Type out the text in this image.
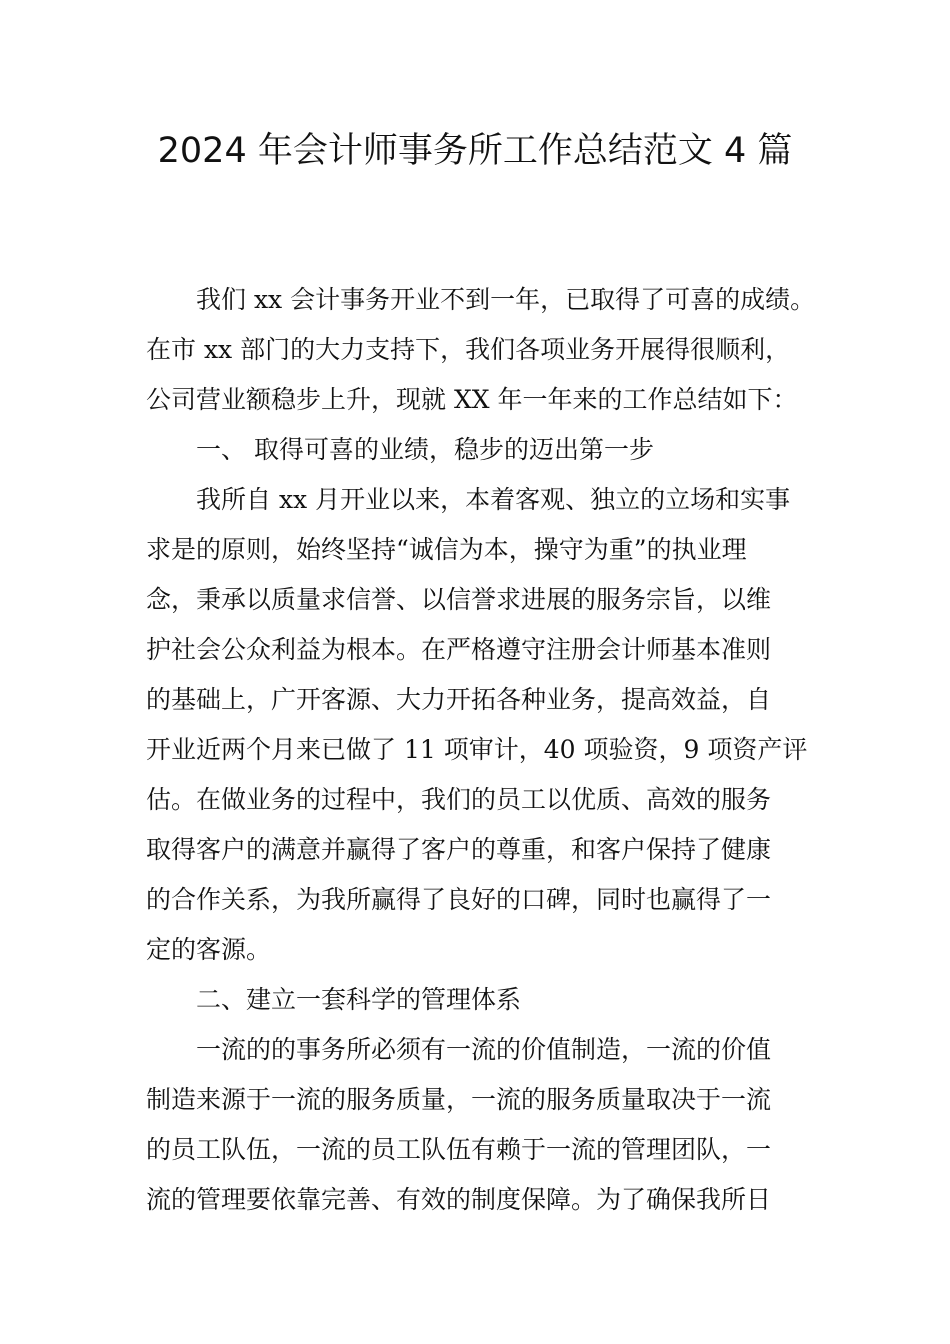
2024 年会计师事务所工作总结范文 4 篇

我们 xx 会计事务开业不到一年，已取得了可喜的成绩。

在市 xx 部门的大力支持下，我们各项业务开展得很顺利，

公司营业额稳步上升，现就 XX 年一年来的工作总结如下：

一、 取得可喜的业绩，稳步的迈出第一步

我所自 xx 月开业以来，本着客观、独立的立场和实事

求是的原则，始终坚持“诚信为本，操守为重”的执业理

念，秉承以质量求信誉、以信誉求进展的服务宗旨，以维

护社会公众利益为根本。在严格遵守注册会计师基本准则

的基础上，广开客源、大力开拓各种业务，提高效益，自

开业近两个月来已做了 11 项审计，40 项验资，9 项资产评

估。在做业务的过程中，我们的员工以优质、高效的服务

取得客户的满意并赢得了客户的尊重，和客户保持了健康

的合作关系，为我所赢得了良好的口碑，同时也赢得了一

定的客源。

二、建立一套科学的管理体系

一流的的事务所必须有一流的价值制造，一流的价值

制造来源于一流的服务质量，一流的服务质量取决于一流

的员工队伍，一流的员工队伍有赖于一流的管理团队，一

流的管理要依靠完善、有效的制度保障。为了确保我所日
